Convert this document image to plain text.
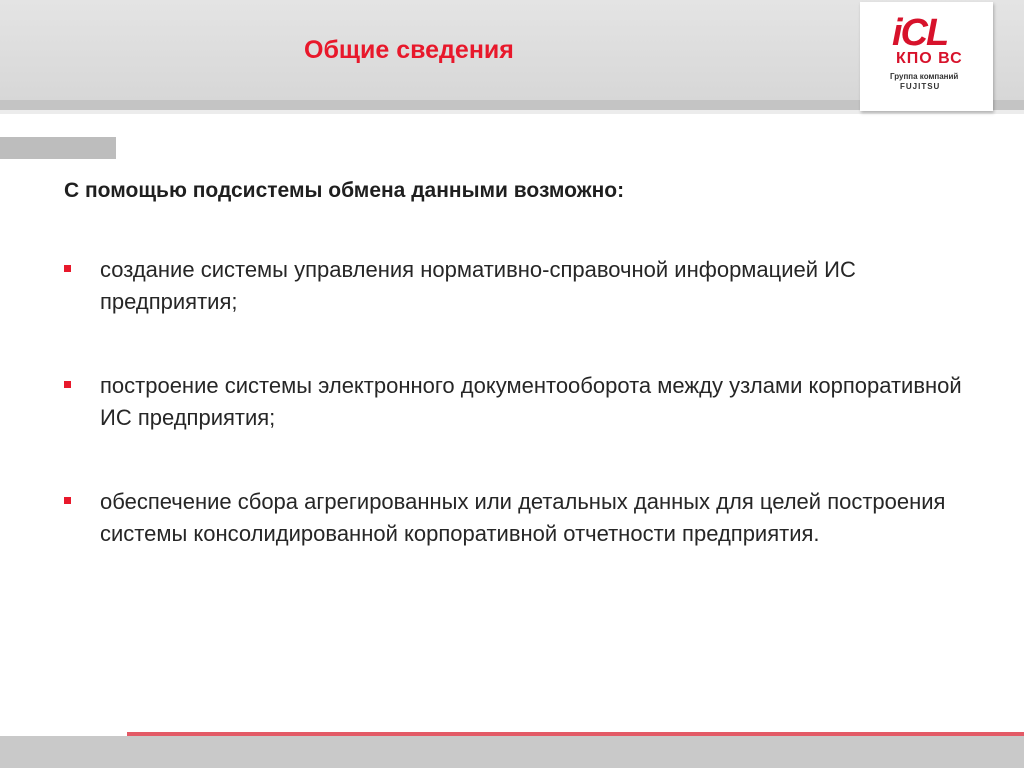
Общие сведения	iCL
КПО ВС
Группа компаний
FUJITSU

С помощью подсистемы обмена данными возможно:

создание системы управления нормативно-справочной информацией ИС предприятия;
построение системы электронного документооборота между узлами корпоративной ИС предприятия;
обеспечение сбора агрегированных или детальных данных для целей построения системы консолидированной корпоративной отчетности предприятия.
